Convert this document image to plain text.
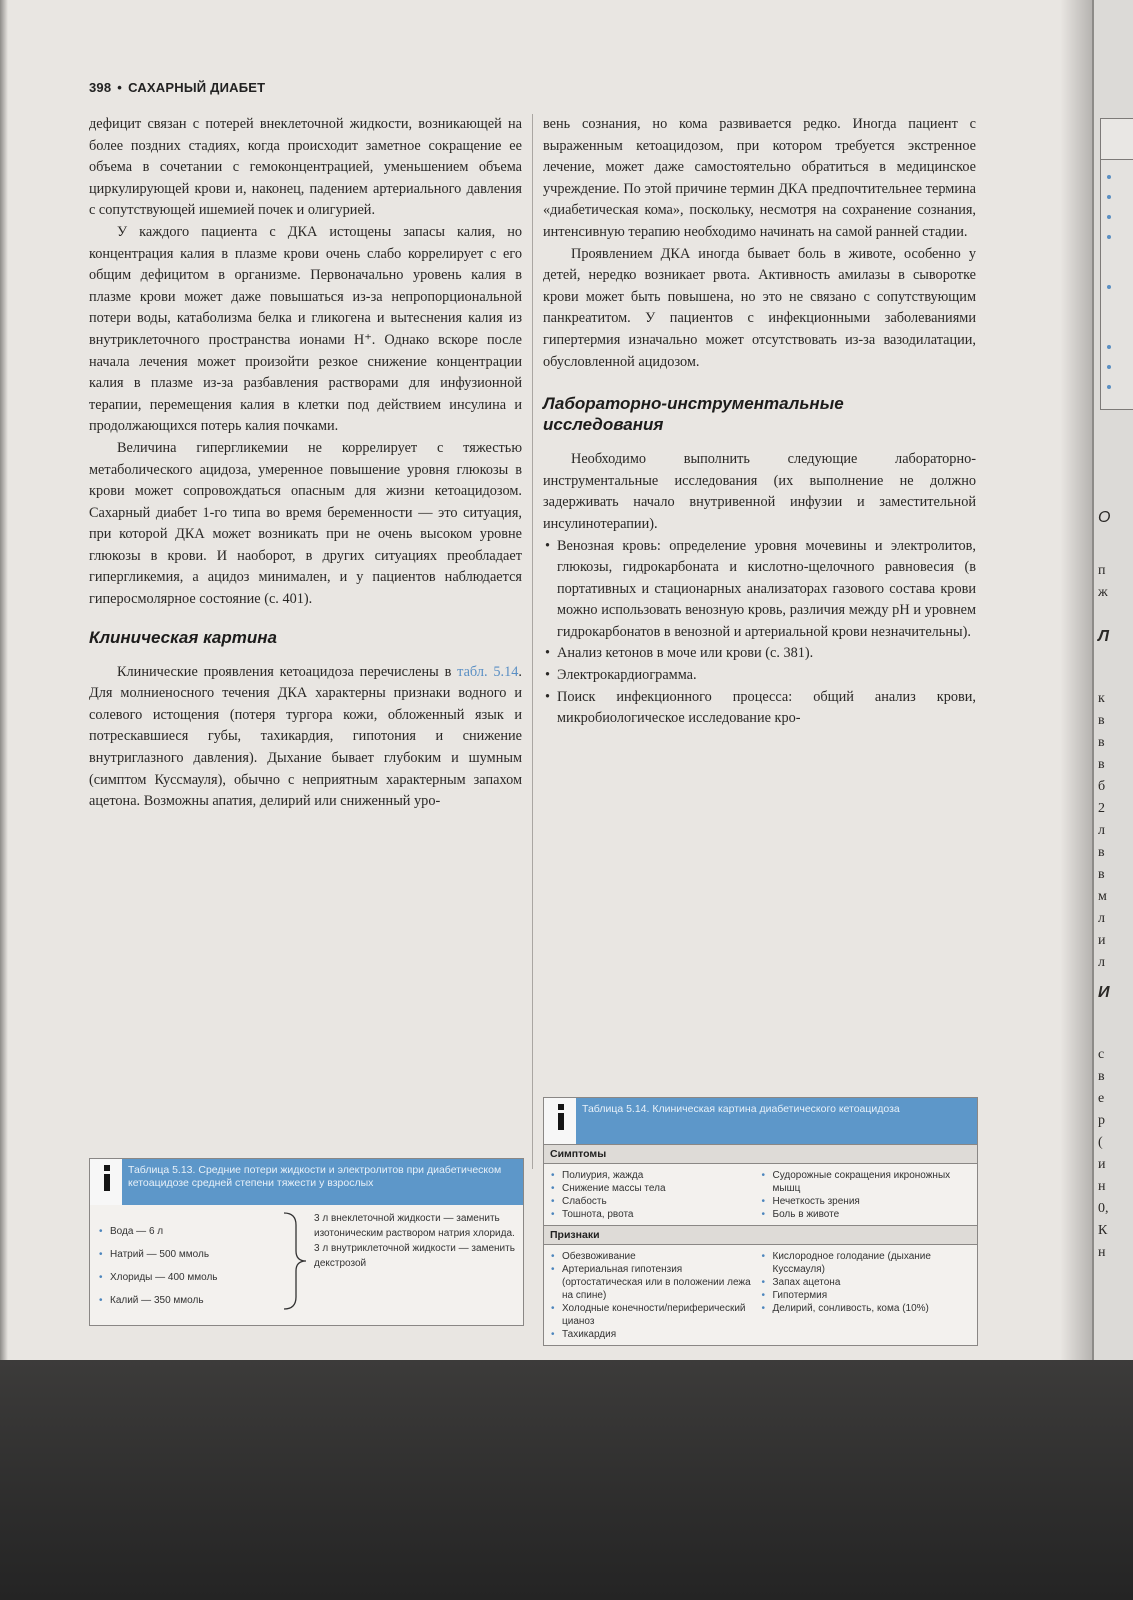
398 • САХАРНЫЙ ДИАБЕТ

дефицит связан с потерей внеклеточной жидкости, возникающей на более поздних стадиях, когда происходит заметное сокращение ее объема в сочетании с гемоконцентрацией, уменьшением объема циркулирующей крови и, наконец, падением артериального давления с сопутствующей ишемией почек и олигурией.

У каждого пациента с ДКА истощены запасы калия, но концентрация калия в плазме крови очень слабо коррелирует с его общим дефицитом в организме. Первоначально уровень калия в плазме крови может даже повышаться из-за непропорциональной потери воды, катаболизма белка и гликогена и вытеснения калия из внутриклеточного пространства ионами H⁺. Однако вскоре после начала лечения может произойти резкое снижение концентрации калия в плазме из-за разбавления растворами для инфузионной терапии, перемещения калия в клетки под действием инсулина и продолжающихся потерь калия почками.

Величина гипергликемии не коррелирует с тяжестью метаболического ацидоза, умеренное повышение уровня глюкозы в крови может сопровождаться опасным для жизни кетоацидозом. Сахарный диабет 1-го типа во время беременности — это ситуация, при которой ДКА может возникать при не очень высоком уровне глюкозы в крови. И наоборот, в других ситуациях преобладает гипергликемия, а ацидоз минимален, и у пациентов наблюдается гиперосмолярное состояние (с. 401).

Клиническая картина

Клинические проявления кетоацидоза перечислены в табл. 5.14. Для молниеносного течения ДКА характерны признаки водного и солевого истощения (потеря тургора кожи, обложенный язык и потрескавшиеся губы, тахикардия, гипотония и снижение внутриглазного давления). Дыхание бывает глубоким и шумным (симптом Куссмауля), обычно с неприятным характерным запахом ацетона. Возможны апатия, делирий или сниженный уро-

вень сознания, но кома развивается редко. Иногда пациент с выраженным кетоацидозом, при котором требуется экстренное лечение, может даже самостоятельно обратиться в медицинское учреждение. По этой причине термин ДКА предпочтительнее термина «диабетическая кома», поскольку, несмотря на сохранение сознания, интенсивную терапию необходимо начинать на самой ранней стадии.

Проявлением ДКА иногда бывает боль в животе, особенно у детей, нередко возникает рвота. Активность амилазы в сыворотке крови может быть повышена, но это не связано с сопутствующим панкреатитом. У пациентов с инфекционными заболеваниями гипертермия изначально может отсутствовать из-за вазодилатации, обусловленной ацидозом.

Лабораторно-инструментальные исследования

Необходимо выполнить следующие лабораторно-инструментальные исследования (их выполнение не должно задерживать начало внутривенной инфузии и заместительной инсулинотерапии).

• Венозная кровь: определение уровня мочевины и электролитов, глюкозы, гидрокарбоната и кислотно-щелочного равновесия (в портативных и стационарных анализаторах газового состава крови можно использовать венозную кровь, различия между pH и уровнем гидрокарбонатов в венозной и артериальной крови незначительны).
• Анализ кетонов в моче или крови (с. 381).
• Электрокардиограмма.
• Поиск инфекционного процесса: общий анализ крови, микробиологическое исследование кро-
Таблица 5.13. Средние потери жидкости и электролитов при диабетическом кетоацидозе средней степени тяжести у взрослых
• Вода — 6 л
• Натрий — 500 ммоль
• Хлориды — 400 ммоль
• Калий — 350 ммоль
3 л внеклеточной жидкости — заменить изотоническим раствором натрия хлорида. 3 л внутриклеточной жидкости — заменить декстрозой
Таблица 5.14. Клиническая картина диабетического кетоацидоза
Симптомы
• Полиурия, жажда
• Снижение массы тела
• Слабость
• Тошнота, рвота
• Судорожные сокращения икроножных мышц
• Нечеткость зрения
• Боль в животе
Признаки
• Обезвоживание
• Артериальная гипотензия (ортостатическая или в положении лежа на спине)
• Холодные конечности/периферический цианоз
• Тахикардия
• Кислородное голодание (дыхание Куссмауля)
• Запах ацетона
• Гипотермия
• Делирий, сонливость, кома (10%)
О
п
ж
Л
к
в
в
в
б
2
л
в
в
м
л
и
л
И
с
в
е
р
(
и
н
0,
К
н
